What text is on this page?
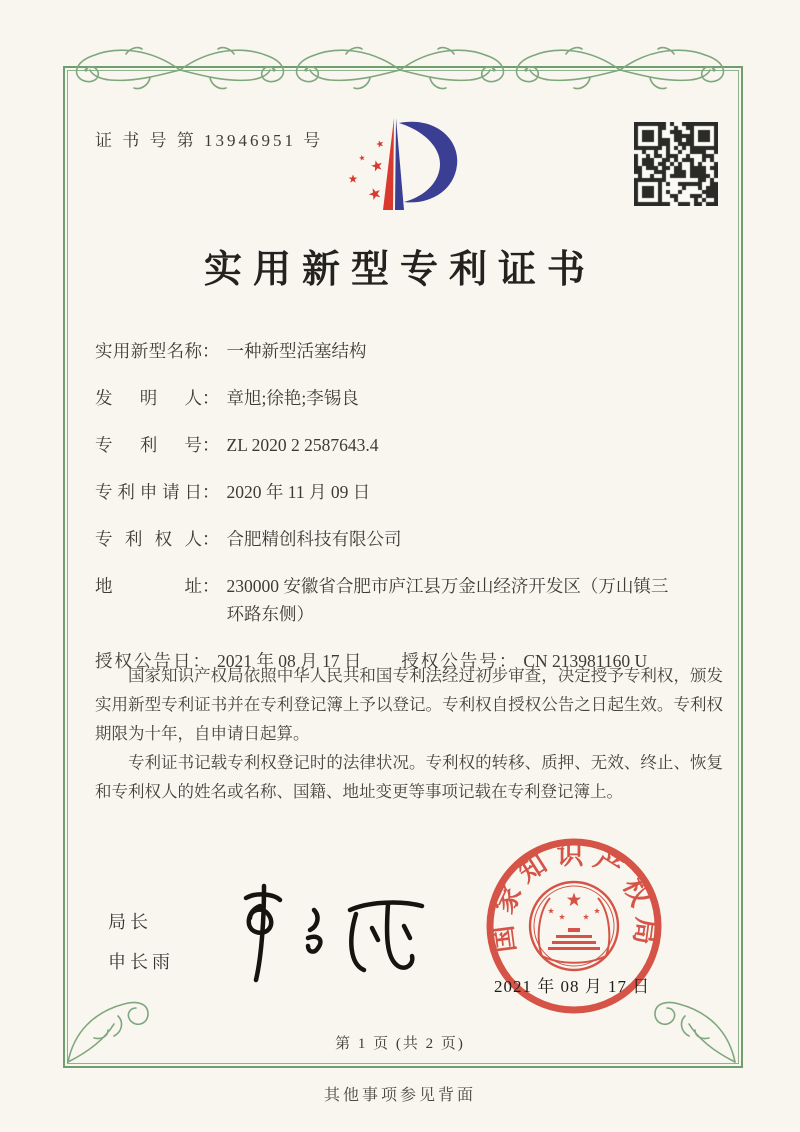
证 书 号 第 13946951 号
实用新型专利证书
实用新型名称 ： 一种新型活塞结构
发明人 ： 章旭;徐艳;李锡良
专利号 ： ZL 2020 2 2587643.4
专利申请日 ： 2020 年 11 月 09 日
专利权人 ： 合肥精创科技有限公司
地址 ： 230000 安徽省合肥市庐江县万金山经济开发区（万山镇三环路东侧）
授权公告日 ： 2021 年 08 月 17 日 授权公告号 ： CN 213981160 U

国家知识产权局依照中华人民共和国专利法经过初步审查，决定授予专利权，颁发实用新型专利证书并在专利登记簿上予以登记。专利权自授权公告之日起生效。专利权期限为十年，自申请日起算。

专利证书记载专利权登记时的法律状况。专利权的转移、质押、无效、终止、恢复和专利权人的姓名或名称、国籍、地址变更等事项记载在专利登记簿上。

局长
申长雨
国家知识产权局
2021 年 08 月 17 日
第 1 页 (共 2 页)
其他事项参见背面
